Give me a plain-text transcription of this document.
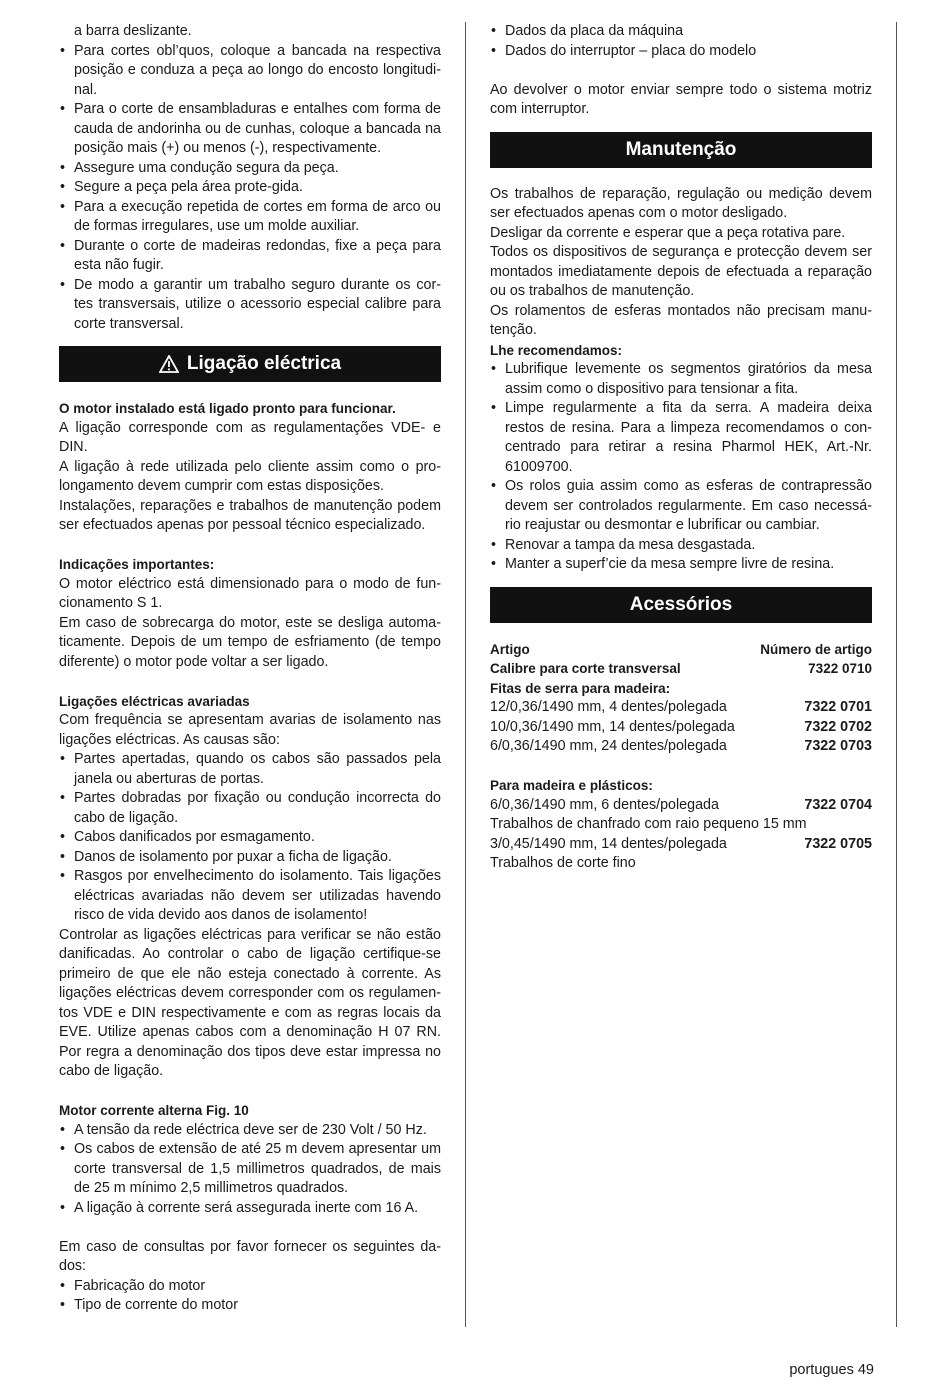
a barra deslizante.
• Para cortes obl’quos, coloque a bancada na respectiva posição e conduza a peça ao longo do encosto longitudi-nal.
• Para o corte de ensambladuras e entalhes com forma de cauda de andorinha ou de cunhas, coloque a bancada na posição mais (+) ou menos (-), respectivamente.
• Assegure uma condução segura da peça.
• Segure a peça pela área prote-gida.
• Para a execução repetida de cortes em forma de arco ou de formas irregulares, use um molde auxiliar.
• Durante o corte de madeiras redondas, fixe a peça para esta não fugir.
• De modo a garantir um trabalho seguro durante os cor-tes transversais, utilize o acessorio especial calibre para corte transversal.
Ligação eléctrica

O motor instalado está ligado pronto para funcionar.

A ligação corresponde com as regulamentações VDE- e DIN.

A ligação à rede utilizada pelo cliente assim como o pro-longamento devem cumprir com estas disposições.

Instalações, reparações e trabalhos de manutenção podem ser efectuados apenas por pessoal técnico especializado.

Indicações importantes:

O motor eléctrico está dimensionado para o modo de fun-cionamento S 1.

Em caso de sobrecarga do motor, este se desliga automa-ticamente. Depois de um tempo de esfriamento (de tempo diferente) o motor pode voltar a ser ligado.

Ligações eléctricas avariadas

Com frequência se apresentam avarias de isolamento nas ligações eléctricas. As causas são:

• Partes apertadas, quando os cabos são passados pela janela ou aberturas de portas.
• Partes dobradas por fixação ou condução incorrecta do cabo de ligação.
• Cabos danificados por esmagamento.
• Danos de isolamento por puxar a ficha de ligação.
• Rasgos por envelhecimento do isolamento. Tais ligações eléctricas avariadas não devem ser utilizadas havendo risco de vida devido aos danos de isolamento!

Controlar as ligações eléctricas para verificar se não estão danificadas. Ao controlar o cabo de ligação certifique-se primeiro de que ele não esteja conectado à corrente. As ligações eléctricas devem corresponder com os regulamen-tos VDE e DIN respectivamente e com as regras locais da EVE. Utilize apenas cabos com a denominação H 07 RN. Por regra a denominação dos tipos deve estar impressa no cabo de ligação.

Motor corrente alterna Fig. 10

• A tensão da rede eléctrica deve ser de 230 Volt / 50 Hz.
• Os cabos de extensão de até 25 m devem apresentar um corte transversal de 1,5 millimetros quadrados, de mais de 25 m mínimo 2,5 millimetros quadrados.
• A ligação à corrente será assegurada inerte com 16 A.

Em caso de consultas por favor fornecer os seguintes da-dos:

• Fabricação do motor
• Tipo de corrente do motor
• Dados da placa da máquina
• Dados do interruptor – placa do modelo

Ao devolver o motor enviar sempre todo o sistema motriz com interruptor.

Manutenção

Os trabalhos de reparação, regulação ou medição devem ser efectuados apenas com o motor desligado.

Desligar da corrente e esperar que a peça rotativa pare.

Todos os dispositivos de segurança e protecção devem ser montados imediatamente depois de efectuada a reparação ou os trabalhos de manutenção.

Os rolamentos de esferas montados não precisam manu-tenção.

Lhe recomendamos:

• Lubrifique levemente os segmentos giratórios da mesa assim como o dispositivo para tensionar a fita.
• Limpe regularmente a fita da serra. A madeira deixa restos de resina. Para a limpeza recomendamos o con-centrado para retirar a resina Pharmol HEK, Art.-Nr. 61009700.
• Os rolos guia assim como as esferas de contrapressão devem ser controlados regularmente. Em caso necessá-rio reajustar ou desmontar e lubrificar ou cambiar.
• Renovar a tampa da mesa desgastada.
• Manter a superf’cie da mesa sempre livre de resina.
Acessórios
Artigo	Número de artigo
Calibre para corte transversal	7322 0710

Fitas de serra para madeira:

12/0,36/1490 mm, 4 dentes/polegada	7322 0701
10/0,36/1490 mm, 14 dentes/polegada	7322 0702
6/0,36/1490 mm, 24 dentes/polegada	7322 0703

Para madeira e plásticos:

6/0,36/1490 mm, 6 dentes/polegada	7322 0704

Trabalhos de chanfrado com raio pequeno 15 mm

3/0,45/1490 mm, 14 dentes/polegada	7322 0705

Trabalhos de corte fino

portugues 49
